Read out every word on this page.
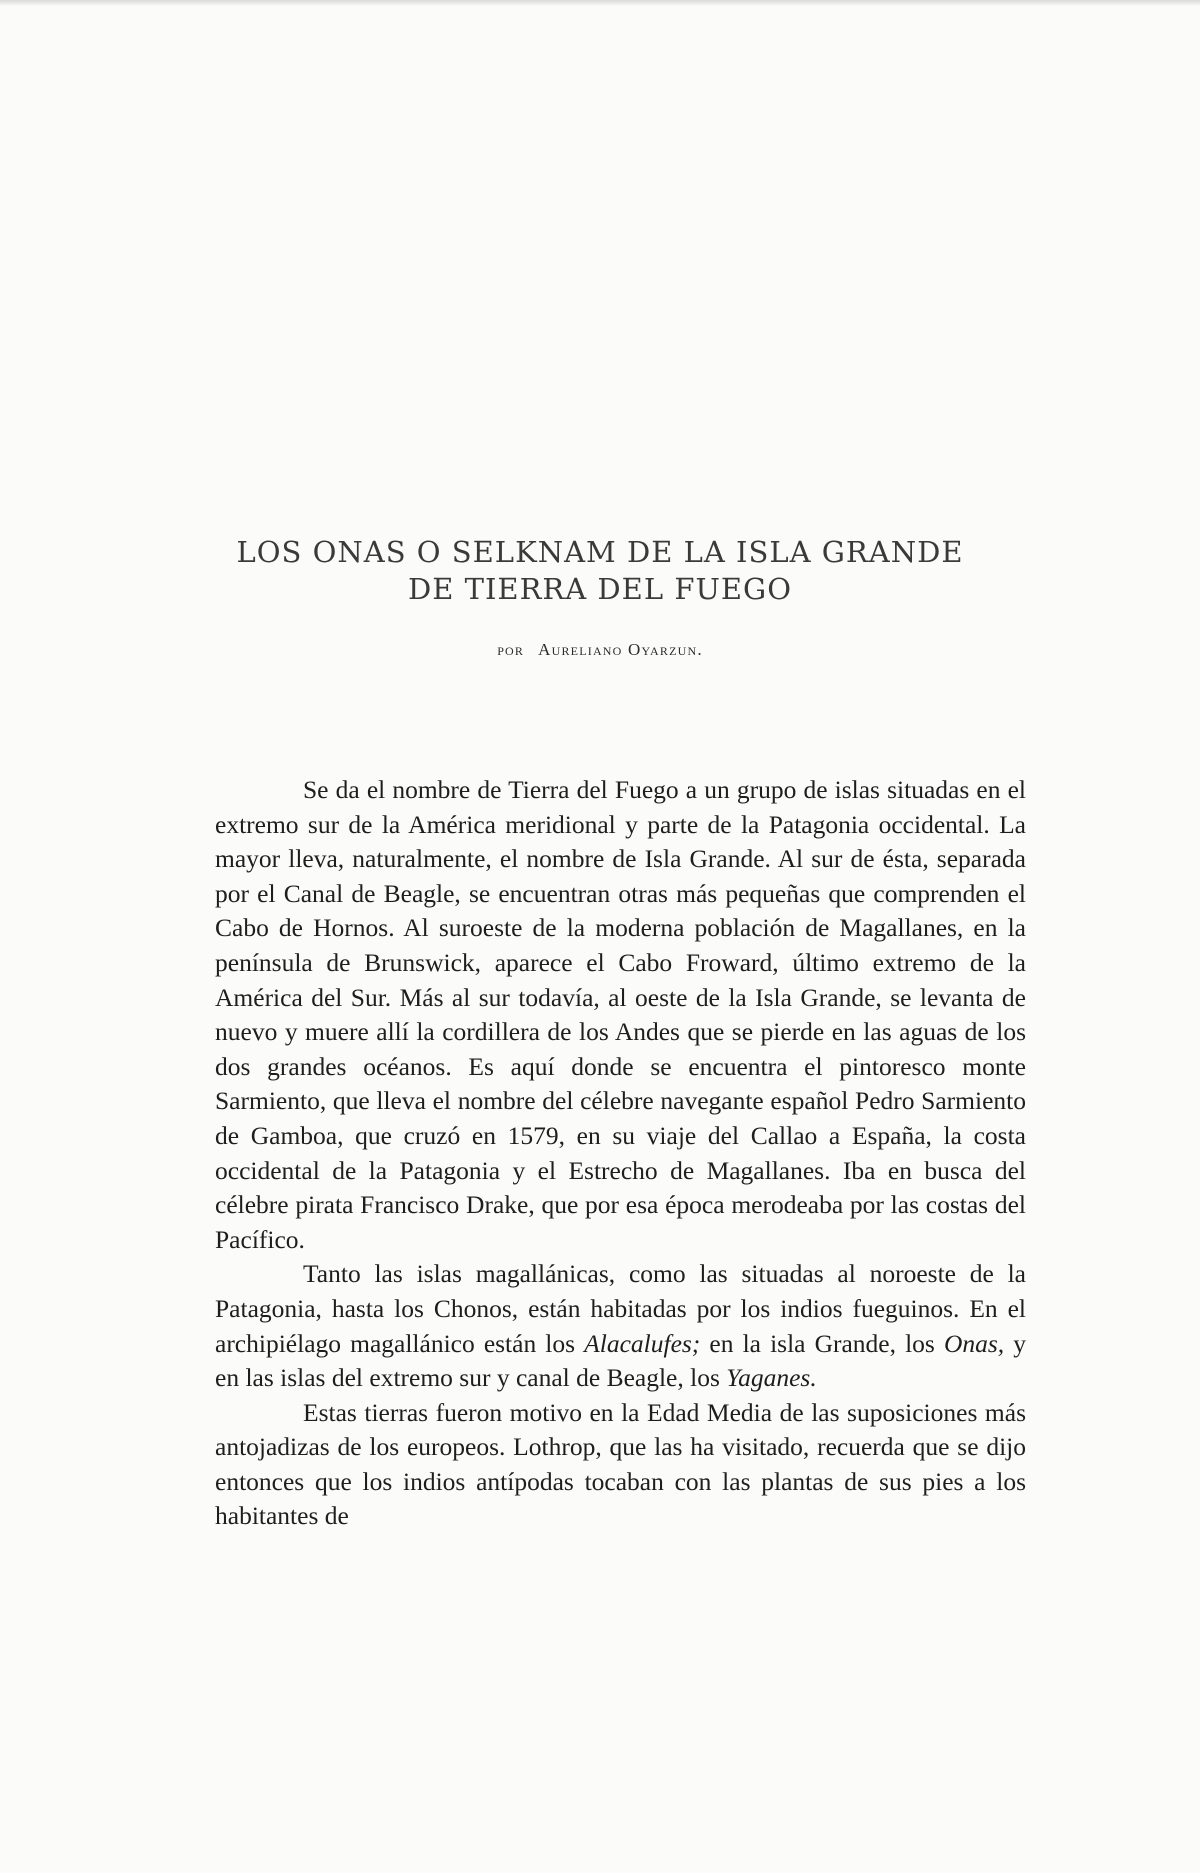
LOS ONAS O SELKNAM DE LA ISLA GRANDE
DE TIERRA DEL FUEGO
por Aureliano Oyarzun.

Se da el nombre de Tierra del Fuego a un grupo de islas situadas en el extremo sur de la América meridional y parte de la Patagonia occidental. La mayor lleva, naturalmente, el nombre de Isla Grande. Al sur de ésta, separada por el Canal de Beagle, se encuentran otras más pequeñas que comprenden el Cabo de Hornos. Al suroeste de la moderna población de Magallanes, en la península de Brunswick, aparece el Cabo Froward, último extremo de la América del Sur. Más al sur todavía, al oeste de la Isla Grande, se levanta de nuevo y muere allí la cordillera de los Andes que se pierde en las aguas de los dos grandes océanos. Es aquí donde se encuentra el pintoresco monte Sarmiento, que lleva el nombre del célebre navegante español Pedro Sarmiento de Gamboa, que cruzó en 1579, en su viaje del Callao a España, la costa occidental de la Patagonia y el Estrecho de Magallanes. Iba en busca del célebre pirata Francisco Drake, que por esa época merodeaba por las costas del Pacífico.

Tanto las islas magallánicas, como las situadas al noroeste de la Patagonia, hasta los Chonos, están habitadas por los indios fueguinos. En el archipiélago magallánico están los Alacalufes; en la isla Grande, los Onas, y en las islas del extremo sur y canal de Beagle, los Yaganes.

Estas tierras fueron motivo en la Edad Media de las suposiciones más antojadizas de los europeos. Lothrop, que las ha visitado, recuerda que se dijo entonces que los indios antípodas tocaban con las plantas de sus pies a los habitantes de
